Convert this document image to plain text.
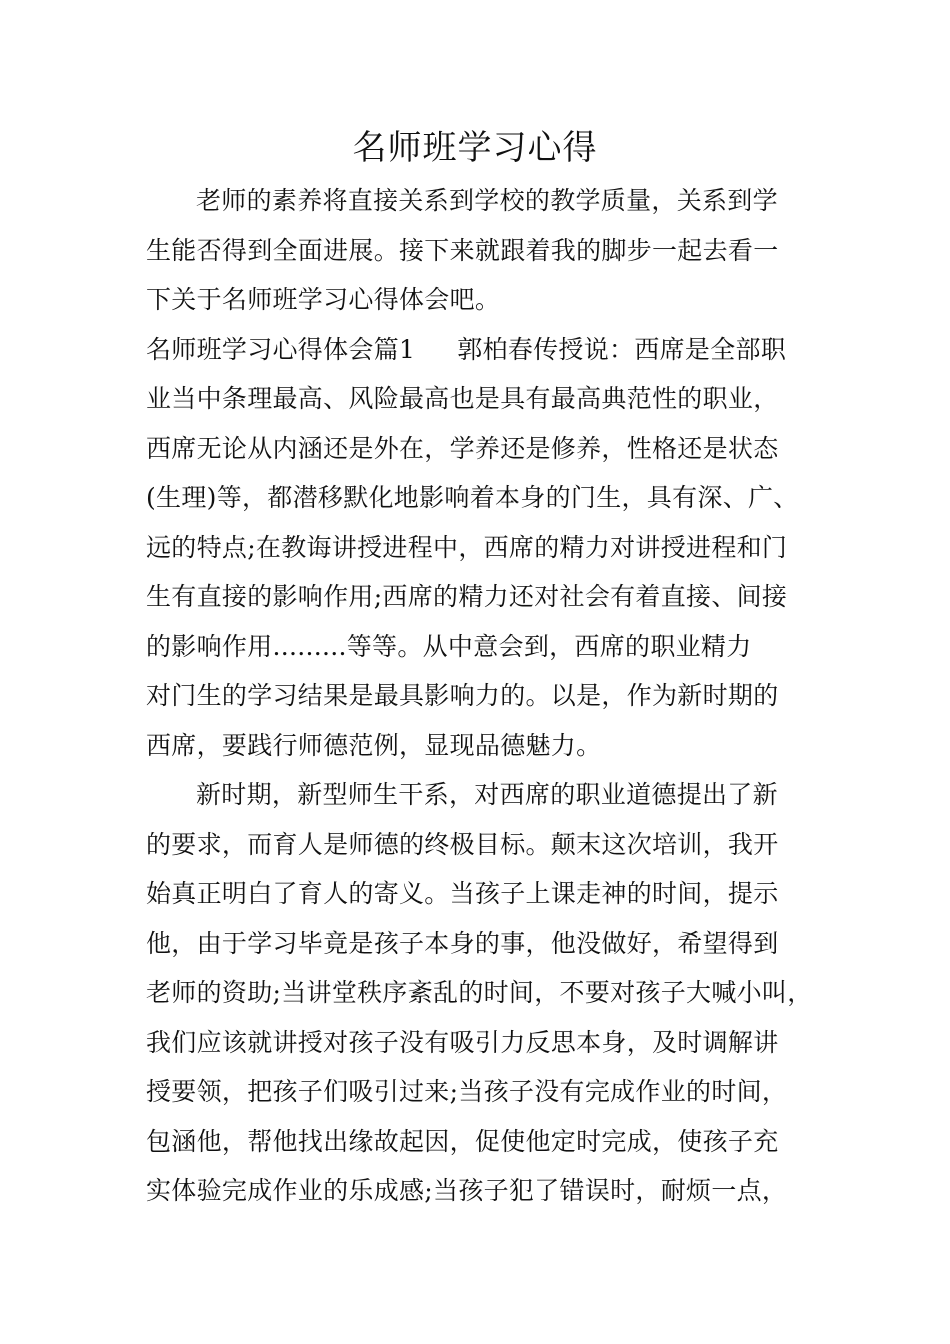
名师班学习心得
老师的素养将直接关系到学校的教学质量，关系到学
生能否得到全面进展。接下来就跟着我的脚步一起去看一
下关于名师班学习心得体会吧。
名师班学习心得体会篇1 郭柏春传授说：西席是全部职
业当中条理最高、风险最高也是具有最高典范性的职业，
西席无论从内涵还是外在，学养还是修养，性格还是状态
(生理)等，都潜移默化地影响着本身的门生，具有深、广、
远的特点;在教诲讲授进程中，西席的精力对讲授进程和门
生有直接的影响作用;西席的精力还对社会有着直接、间接
的影响作用.........等等。从中意会到，西席的职业精力
对门生的学习结果是最具影响力的。以是，作为新时期的
西席，要践行师德范例，显现品德魅力。
新时期，新型师生干系，对西席的职业道德提出了新
的要求，而育人是师德的终极目标。颠末这次培训，我开
始真正明白了育人的寄义。当孩子上课走神的时间，提示
他，由于学习毕竟是孩子本身的事，他没做好，希望得到
老师的资助;当讲堂秩序紊乱的时间，不要对孩子大喊小叫，
我们应该就讲授对孩子没有吸引力反思本身，及时调解讲
授要领，把孩子们吸引过来;当孩子没有完成作业的时间，
包涵他，帮他找出缘故起因，促使他定时完成，使孩子充
实体验完成作业的乐成感;当孩子犯了错误时，耐烦一点，
